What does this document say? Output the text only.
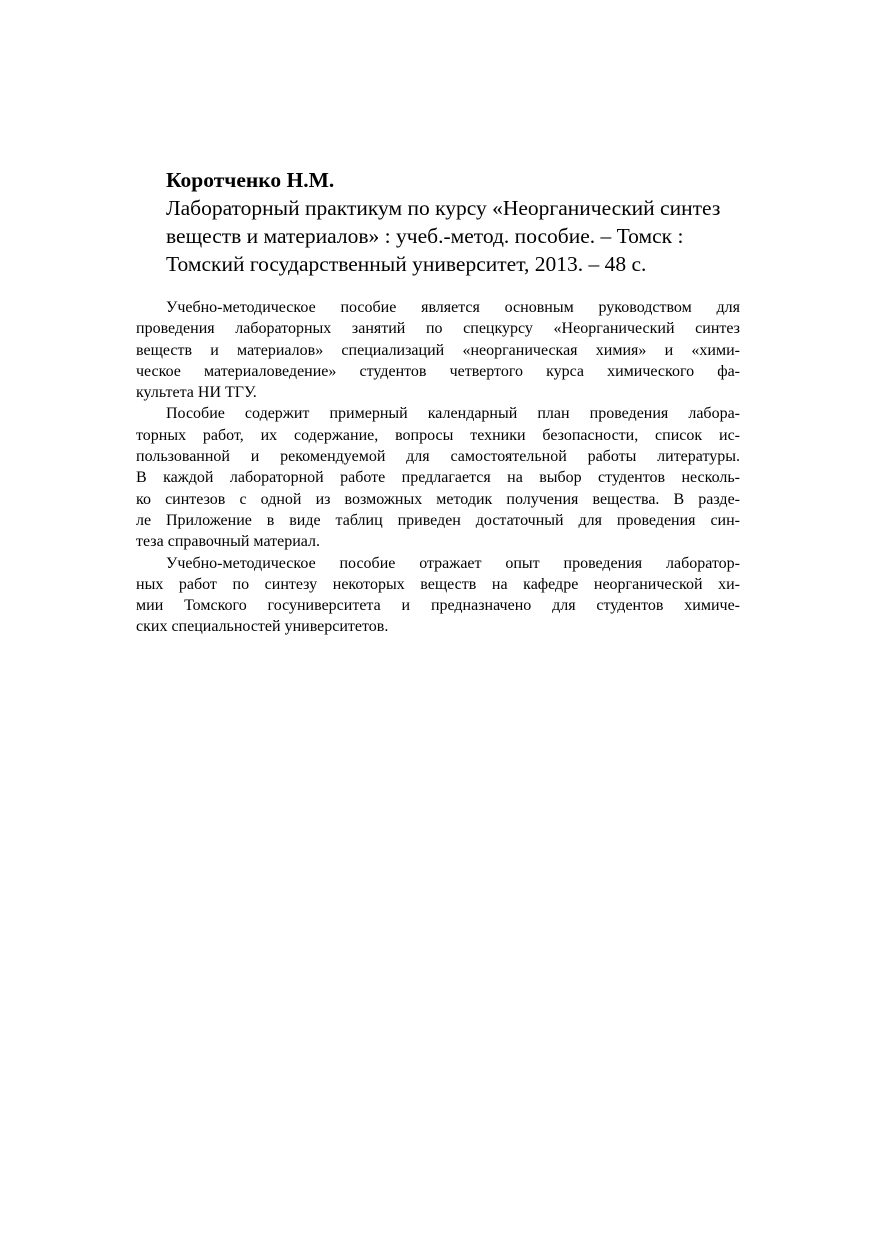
Коротченко Н.М.
Лабораторный практикум по курсу «Неорганический синтез
веществ и материалов» : учеб.-метод. пособие. – Томск :
Томский государственный университет, 2013. – 48 с.

Учебно-методическое пособие является основным руководством для
проведения лабораторных занятий по спецкурсу «Неорганический синтез
веществ и материалов» специализаций «неорганическая химия» и «хими-
ческое материаловедение» студентов четвертого курса химического фа-
культета НИ ТГУ.

Пособие содержит примерный календарный план проведения лабора-
торных работ, их содержание, вопросы техники безопасности, список ис-
пользованной и рекомендуемой для самостоятельной работы литературы.
В каждой лабораторной работе предлагается на выбор студентов несколь-
ко синтезов с одной из возможных методик получения вещества. В разде-
ле Приложение в виде таблиц приведен достаточный для проведения син-
теза справочный материал.

Учебно-методическое пособие отражает опыт проведения лаборатор-
ных работ по синтезу некоторых веществ на кафедре неорганической хи-
мии Томского госуниверситета и предназначено для студентов химиче-
ских специальностей университетов.
